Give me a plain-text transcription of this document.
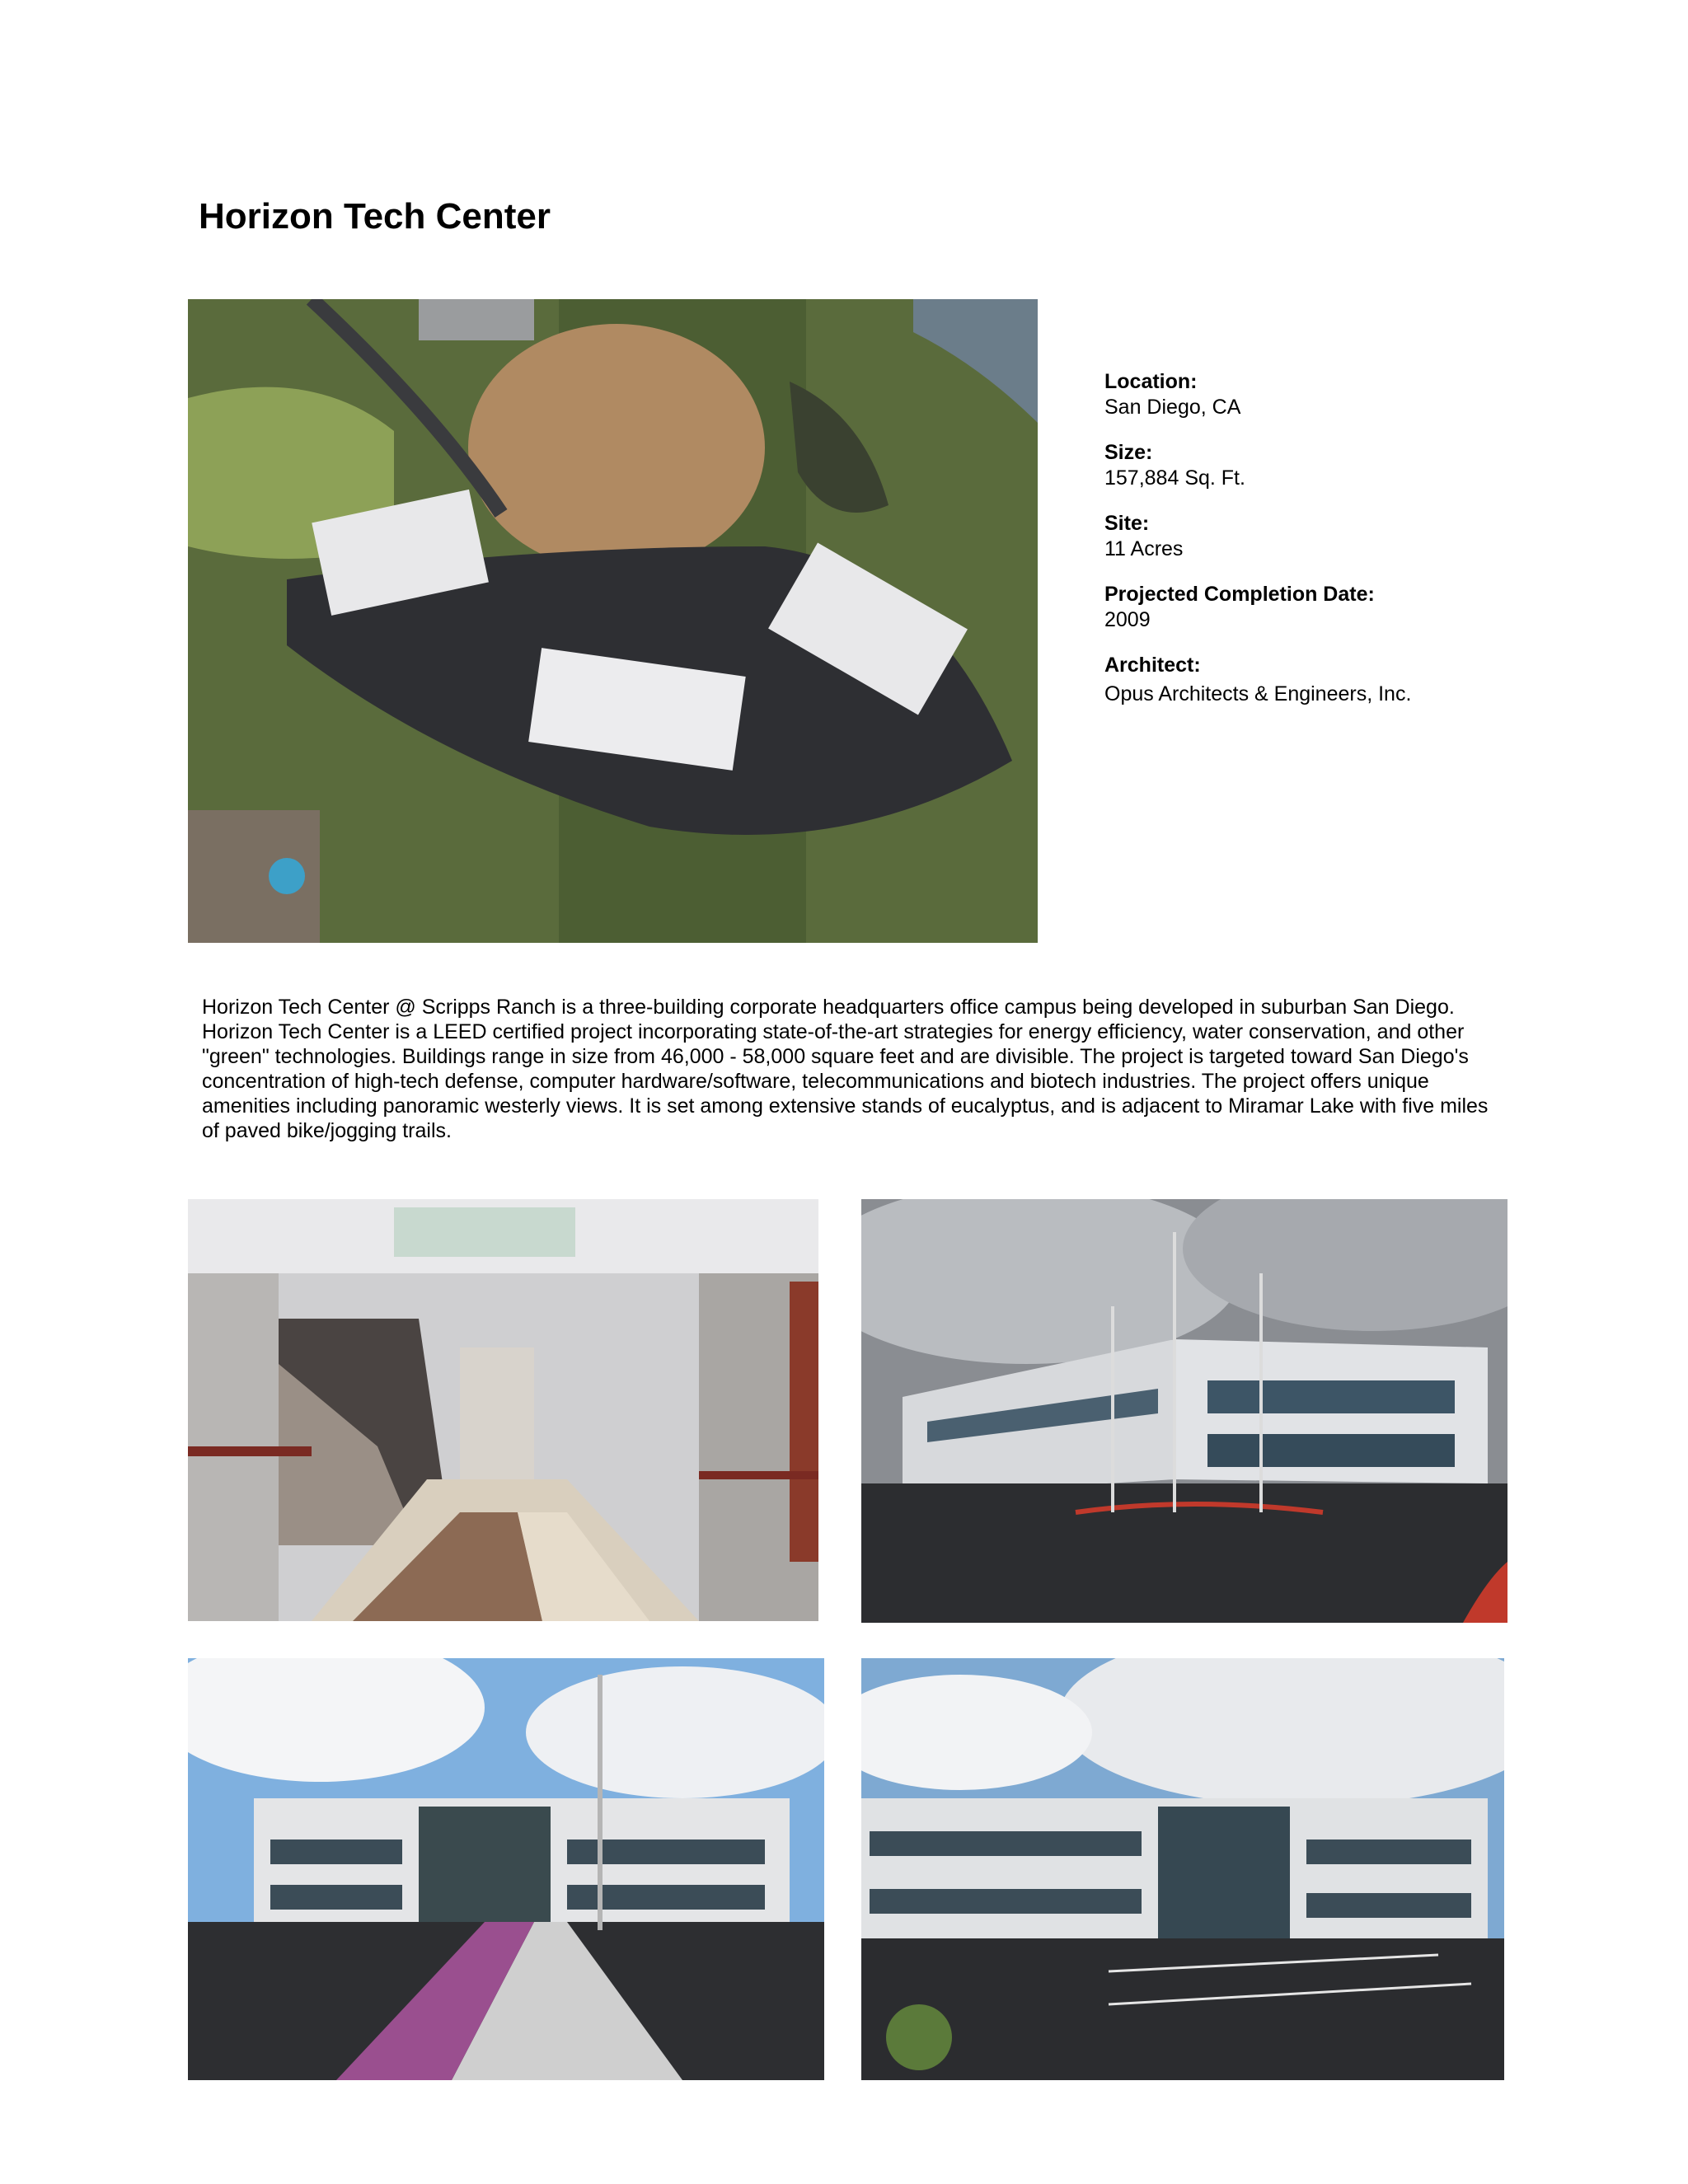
Horizon Tech Center
Location:
San Diego, CA
Size:
157,884 Sq. Ft.
Site:
11 Acres
Projected Completion Date:
2009
Architect:
Opus Architects & Engineers, Inc.

Horizon Tech Center @ Scripps Ranch is a three-building corporate headquarters office campus being developed in suburban San Diego. Horizon Tech Center is a LEED certified project incorporating state-of-the-art strategies for energy efficiency, water conservation, and other "green" technologies. Buildings range in size from 46,000 - 58,000 square feet and are divisible. The project is targeted toward San Diego's concentration of high-tech defense, computer hardware/software, telecommunications and biotech industries. The project offers unique amenities including panoramic westerly views. It is set among extensive stands of eucalyptus, and is adjacent to Miramar Lake with five miles of paved bike/jogging trails.
